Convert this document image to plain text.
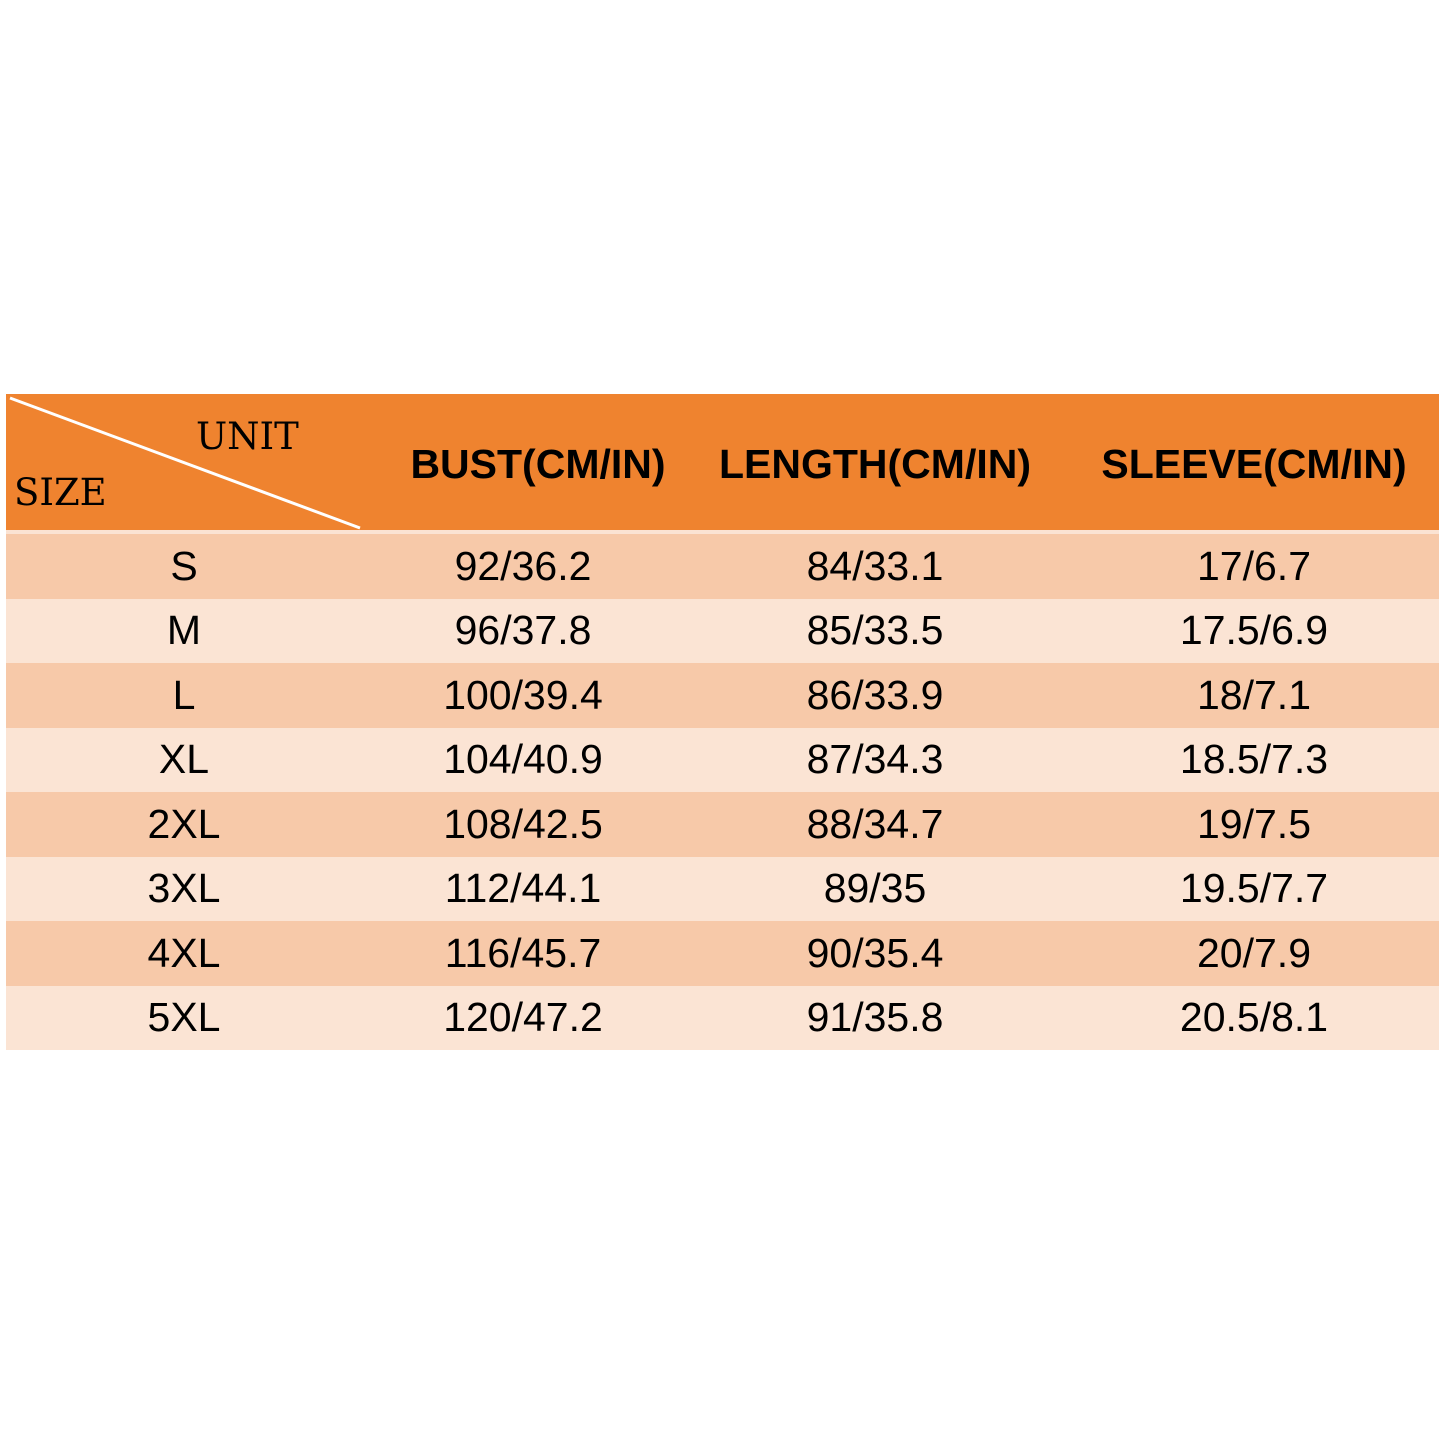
UNIT
SIZE
BUST(CM/IN)	LENGTH(CM/IN)	SLEEVE(CM/IN)
S	92/36.2	84/33.1	17/6.7
M	96/37.8	85/33.5	17.5/6.9
L	100/39.4	86/33.9	18/7.1
XL	104/40.9	87/34.3	18.5/7.3
2XL	108/42.5	88/34.7	19/7.5
3XL	112/44.1	89/35	19.5/7.7
4XL	116/45.7	90/35.4	20/7.9
5XL	120/47.2	91/35.8	20.5/8.1
